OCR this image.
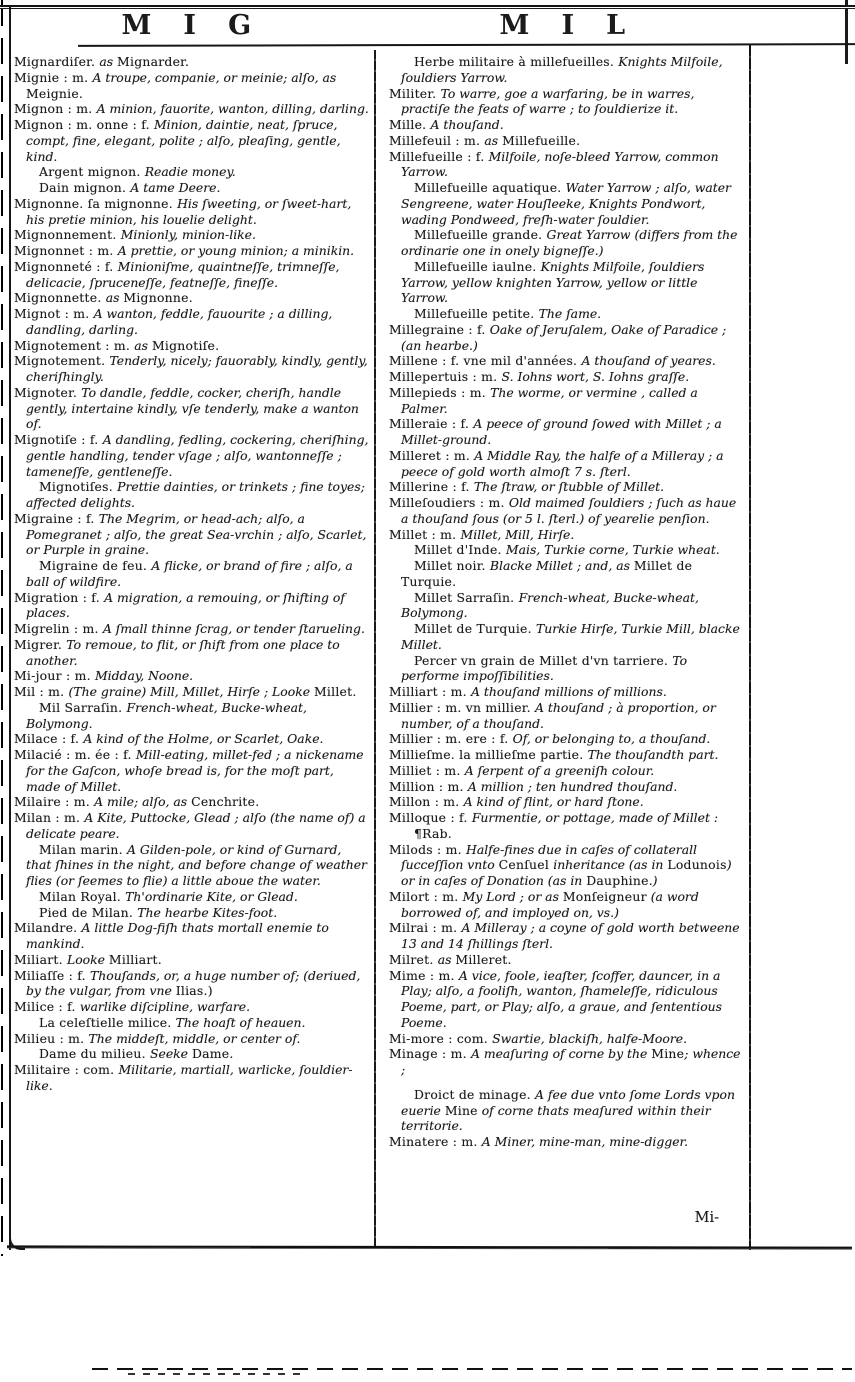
M I G	M I L

Mignardiſer. as Mignarder.

Mignie : m. A troupe, companie, or meinie; alſo, as Meignie.

Mignon : m. A minion, fauorite, wanton, dilling, darling.

Mignon : m. onne : f. Minion, daintie, neat, ſpruce, compt, fine, elegant, polite ; alſo, pleaſing, gentle, kind.

Argent mignon. Readie money.

Dain mignon. A tame Deere.

Mignonne. ſa mignonne. His ſweeting, or ſweet-hart, his pretie minion, his louelie delight.

Mignonnement. Minionly, minion-like.

Mignonnet : m. A prettie, or young minion; a minikin.

Mignonneté : f. Minioniſme, quaintneſſe, trimneſſe, delicacie, ſpruceneſſe, featneſſe, fineſſe.

Mignonnette. as Mignonne.

Mignot : m. A wanton, feddle, fauourite ; a dilling, dandling, darling.

Mignotement : m. as Mignotiſe.

Mignotement. Tenderly, nicely; fauorably, kindly, gently, cheriſhingly.

Mignoter. To dandle, feddle, cocker, cheriſh, handle gently, intertaine kindly, vſe tenderly, make a wanton of.

Mignotiſe : f. A dandling, fedling, cockering, cheriſhing, gentle handling, tender vſage ; alſo, wantonneſſe ; tameneſſe, gentleneſſe.

Mignotiſes. Prettie dainties, or trinkets ; fine toyes; affected delights.

Migraine : f. The Megrim, or head-ach; alſo, a Pomegranet ; alſo, the great Sea-vrchin ; alſo, Scarlet, or Purple in graine.

Migraine de feu. A flicke, or brand of fire ; alſo, a ball of wildfire.

Migration : f. A migration, a remouing, or ſhifting of places.

Migrelin : m. A ſmall thinne ſcrag, or tender ſtarueling.

Migrer. To remoue, to flit, or ſhift from one place to another.

Mi-jour : m. Midday, Noone.

Mil : m. (The graine) Mill, Millet, Hirſe ; Looke Millet.

Mil Sarraſin. French-wheat, Bucke-wheat, Bolymong.

Milace : f. A kind of the Holme, or Scarlet, Oake.

Milacié : m. ée : f. Mill-eating, millet-fed ; a nickename for the Gaſcon, whoſe bread is, for the moſt part, made of Millet.

Milaire : m. A mile; alſo, as Cenchrite.

Milan : m. A Kite, Puttocke, Glead ; alſo (the name of) a delicate peare.

Milan marin. A Gilden-pole, or kind of Gurnard, that ſhines in the night, and before change of weather flies (or ſeemes to flie) a little aboue the water.

Milan Royal. Th'ordinarie Kite, or Glead.

Pied de Milan. The hearbe Kites-foot.

Milandre. A little Dog-fiſh thats mortall enemie to mankind.

Miliart. Looke Milliart.

Miliaſſe : f. Thouſands, or, a huge number of; (deriued, by the vulgar, from vne Ilias.)

Milice : f. warlike diſcipline, warfare.

La celeſtielle milice. The hoaſt of heauen.

Milieu : m. The middeſt, middle, or center of.

Dame du milieu. Seeke Dame.

Militaire : com. Militarie, martiall, warlicke, ſouldier-like.

Herbe militaire à millefueilles. Knights Milfoile, ſouldiers Yarrow.

Militer. To warre, goe a warfaring, be in warres, practiſe the feats of warre ; to ſouldierize it.

Mille. A thouſand.

Millefeuil : m. as Millefueille.

Millefueille : f. Milfoile, noſe-bleed Yarrow, common Yarrow.

Millefueille aquatique. Water Yarrow ; alſo, water Sengreene, water Houſleeke, Knights Pondwort, wading Pondweed, freſh-water ſouldier.

Millefueille grande. Great Yarrow (differs from the ordinarie one in onely bigneſſe.)

Millefueille iaulne. Knights Milfoile, ſouldiers Yarrow, yellow knighten Yarrow, yellow or little Yarrow.

Millefueille petite. The ſame.

Millegraine : f. Oake of Jeruſalem, Oake of Paradice ; (an hearbe.)

Millene : f. vne mil d'années. A thouſand of yeares.

Millepertuis : m. S. Iohns wort, S. Iohns graſſe.

Millepieds : m. The worme, or vermine , called a Palmer.

Milleraie : f. A peece of ground ſowed with Millet ; a Millet-ground.

Milleret : m. A Middle Ray, the halfe of a Milleray ; a peece of gold worth almoſt 7 s. ſterl.

Millerine : f. The ſtraw, or ſtubble of Millet.

Milleſoudiers : m. Old maimed ſouldiers ; ſuch as haue a thouſand ſous (or 5 l. ſterl.) of yearelie penſion.

Millet : m. Millet, Mill, Hirſe.

Millet d'Inde. Mais, Turkie corne, Turkie wheat.

Millet noir. Blacke Millet ; and, as Millet de Turquie.

Millet Sarraſin. French-wheat, Bucke-wheat, Bolymong.

Millet de Turquie. Turkie Hirſe, Turkie Mill, blacke Millet.

Percer vn grain de Millet d'vn tarriere. To performe impoſſibilities.

Milliart : m. A thouſand millions of millions.

Millier : m. vn millier. A thouſand ; à proportion, or number, of a thouſand.

Millier : m. ere : f. Of, or belonging to, a thouſand.

Millieſme. la millieſme partie. The thouſandth part.

Milliet : m. A ſerpent of a greeniſh colour.

Million : m. A million ; ten hundred thouſand.

Millon : m. A kind of flint, or hard ſtone.

Milloque : f. Furmentie, or pottage, made of Millet :

¶Rab.

Milods : m. Halfe-fines due in caſes of collaterall ſucceſſion vnto Cenſuel inheritance (as in Lodunois) or in caſes of Donation (as in Dauphine.)

Milort : m. My Lord ; or as Monſeigneur (a word borrowed of, and imployed on, vs.)

Milrai : m. A Milleray ; a coyne of gold worth betweene 13 and 14 ſhillings ſterl.

Milret. as Milleret.

Mime : m. A vice, foole, ieaſter, ſcoffer, dauncer, in a Play; alſo, a fooliſh, wanton, ſhameleſſe, ridiculous Poeme, part, or Play; alſo, a graue, and ſententious Poeme.

Mi-more : com. Swartie, blackiſh, halfe-Moore.

Minage : m. A meaſuring of corne by the Mine; whence ;

Droict de minage. A fee due vnto ſome Lords vpon euerie Mine of corne thats meaſured within their territorie.

Minatere : m. A Miner, mine-man, mine-digger.

Mi-
